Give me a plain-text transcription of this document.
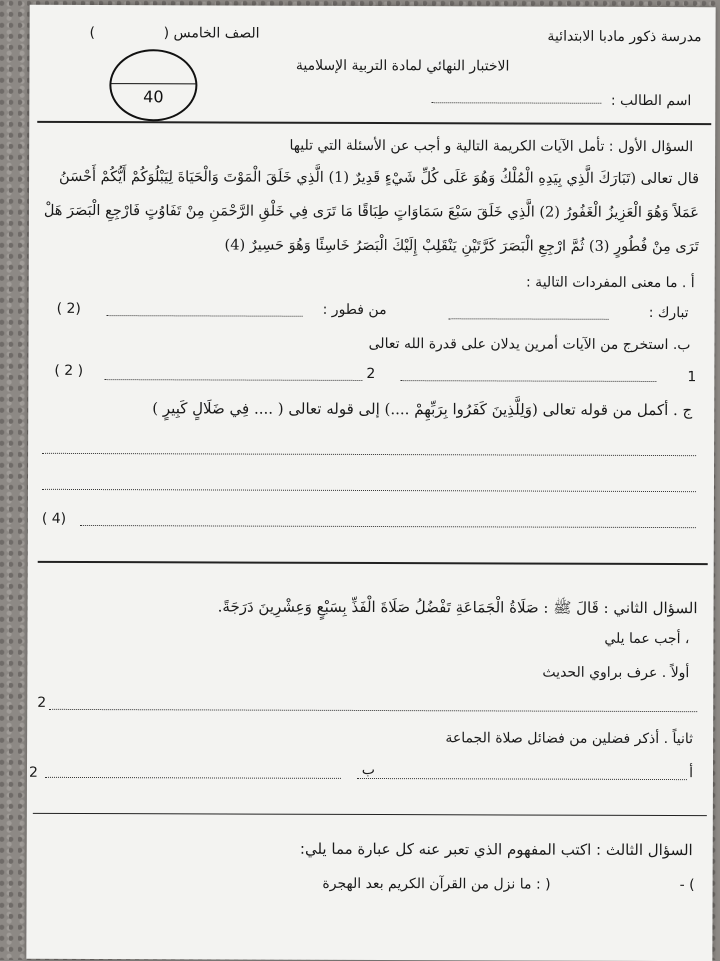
مدرسة ذكور مادبا الابتدائية
الصف الخامس (
)
الاختبار النهائي لمادة التربية الإسلامية
40	اسم الطالب :
السؤال الأول : تأمل الآيات الكريمة التالية و أجب عن الأسئلة التي تليها
قال تعالى (تَبَارَكَ الَّذِي بِيَدِهِ الْمُلْكُ وَهُوَ عَلَى كُلِّ شَيْءٍ قَدِيرٌ (1) الَّذِي خَلَقَ الْمَوْتَ وَالْحَيَاةَ لِيَبْلُوَكُمْ أَيُّكُمْ أَحْسَنُ
عَمَلاً وَهُوَ الْعَزِيزُ الْغَفُورُ (2) الَّذِي خَلَقَ سَبْعَ سَمَاوَاتٍ طِبَاقًا مَا تَرَى فِي خَلْقِ الرَّحْمَنِ مِنْ تَفَاوُتٍ فَارْجِعِ الْبَصَرَ هَلْ
تَرَى مِنْ فُطُورٍ (3) ثُمَّ ارْجِعِ الْبَصَرَ كَرَّتَيْنِ يَنْقَلِبْ إِلَيْكَ الْبَصَرُ خَاسِئًا وَهُوَ حَسِيرٌ (4)
أ . ما معنى المفردات التالية :
تبارك :
من فطور :
( 2)
ب. استخرج من الآيات أمرين يدلان على قدرة الله تعالى
1
2
( 2 )
ج . أكمل من قوله تعالى (وَلِلَّذِينَ كَفَرُوا بِرَبِّهِمْ ....) إلى قوله تعالى ( .... فِي ضَلَالٍ كَبِيرٍ )
( 4)
السؤال الثاني : قَالَ ﷺ : صَلَاةُ الْجَمَاعَةِ تَفْضُلُ صَلَاةَ الْفَذِّ بِسَبْعٍ وَعِشْرِينَ دَرَجَةً.
، أجب عما يلي
أولاً . عرف براوي الحديث
2
ثانياً . أذكر فضلين من فضائل صلاة الجماعة
أ
ب
2
السؤال الثالث : اكتب المفهوم الذي تعبر عنه كل عبارة مما يلي:
- (
( : ما نزل من القرآن الكريم بعد الهجرة
